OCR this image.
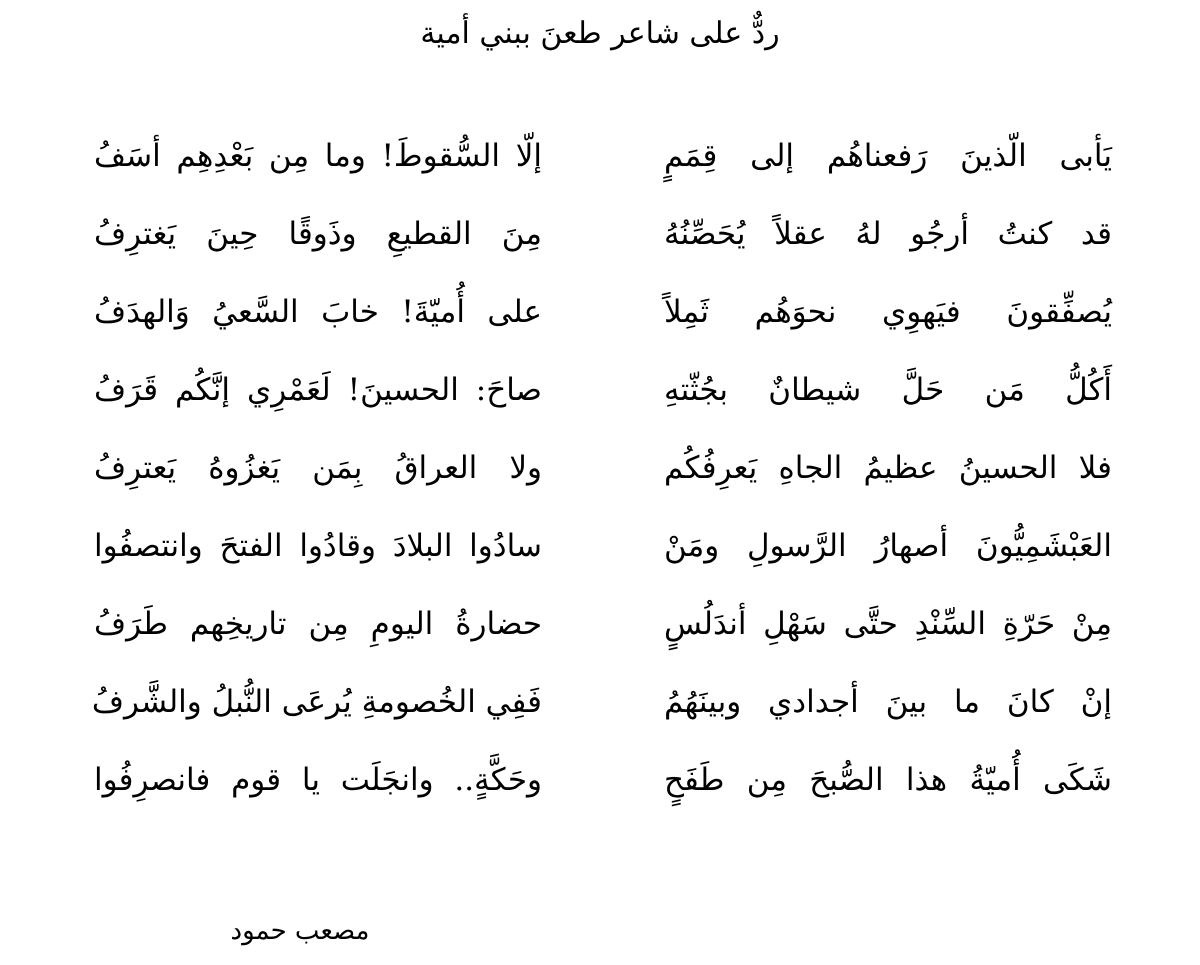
ردٌّ على شاعر طعنَ ببني أمية
يَأبى الّذينَ رَفعناهُم إلى قِمَمٍ
إلّا السُّقوطَ! وما مِن بَعْدِهِم أسَفُ
قد كنتُ أرجُو لهُ عقلاً يُحَصِّنُهُ
مِنَ القطيعِ وذَوقًا حِينَ يَغترِفُ
يُصفِّقونَ فيَهوِي نحوَهُم ثَمِلاً
على أُميّةَ! خابَ السَّعيُ وَالهدَفُ
أَكُلُّ مَن حَلَّ شيطانٌ بجُثّتهِ
صاحَ: الحسينَ! لَعَمْرِي إنَّكُم قَرَفُ
فلا الحسينُ عظيمُ الجاهِ يَعرِفُكُم
ولا العراقُ بِمَن يَغزُوهُ يَعترِفُ
العَبْشَمِيُّونَ أصهارُ الرَّسولِ ومَنْ
سادُوا البلادَ وقادُوا الفتحَ وانتصفُوا
مِنْ حَرّةِ السِّنْدِ حتَّى سَهْلِ أندَلُسٍ
حضارةُ اليومِ مِن تاريخِهم طَرَفُ
إنْ كانَ ما بينَ أجدادي وبينَهُمُ
فَفِي الخُصومةِ يُرعَى النُّبلُ والشَّرفُ
شَكَى أُميّةُ هذا الصُّبحَ مِن طَفَحٍ
وحَكَّةٍ.. وانجَلَت يا قوم فانصرِفُوا
مصعب حمود
